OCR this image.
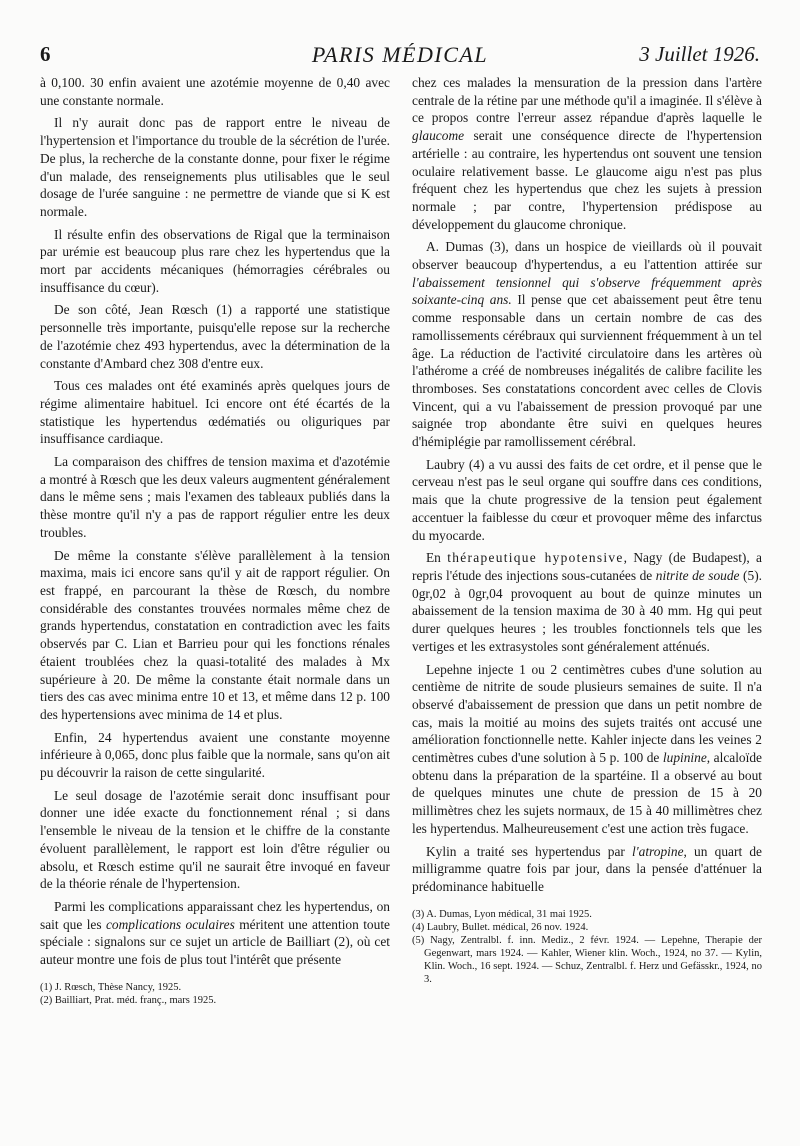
6	PARIS MÉDICAL	3 Juillet 1926.

à 0,100. 30 enfin avaient une azotémie moyenne de 0,40 avec une constante normale.

Il n'y aurait donc pas de rapport entre le niveau de l'hypertension et l'importance du trouble de la sécrétion de l'urée. De plus, la recherche de la constante donne, pour fixer le régime d'un malade, des renseignements plus utilisables que le seul dosage de l'urée sanguine : ne permettre de viande que si K est normale.

Il résulte enfin des observations de Rigal que la terminaison par urémie est beaucoup plus rare chez les hypertendus que la mort par accidents mécaniques (hémorragies cérébrales ou insuffisance du cœur).

De son côté, Jean Rœsch (1) a rapporté une statistique personnelle très importante, puisqu'elle repose sur la recherche de l'azotémie chez 493 hypertendus, avec la détermination de la constante d'Ambard chez 308 d'entre eux.

Tous ces malades ont été examinés après quelques jours de régime alimentaire habituel. Ici encore ont été écartés de la statistique les hypertendus œdématiés ou oliguriques par insuffisance cardiaque.

La comparaison des chiffres de tension maxima et d'azotémie a montré à Rœsch que les deux valeurs augmentent généralement dans le même sens ; mais l'examen des tableaux publiés dans la thèse montre qu'il n'y a pas de rapport régulier entre les deux troubles.

De même la constante s'élève parallèlement à la tension maxima, mais ici encore sans qu'il y ait de rapport régulier. On est frappé, en parcourant la thèse de Rœsch, du nombre considérable des constantes trouvées normales même chez de grands hypertendus, constatation en contradiction avec les faits observés par C. Lian et Barrieu pour qui les fonctions rénales étaient troublées chez la quasi-totalité des malades à Mx supérieure à 20. De même la constante était normale dans un tiers des cas avec minima entre 10 et 13, et même dans 12 p. 100 des hypertensions avec minima de 14 et plus.

Enfin, 24 hypertendus avaient une constante moyenne inférieure à 0,065, donc plus faible que la normale, sans qu'on ait pu découvrir la raison de cette singularité.

Le seul dosage de l'azotémie serait donc insuffisant pour donner une idée exacte du fonctionnement rénal ; si dans l'ensemble le niveau de la tension et le chiffre de la constante évoluent parallèlement, le rapport est loin d'être régulier ou absolu, et Rœsch estime qu'il ne saurait être invoqué en faveur de la théorie rénale de l'hypertension.

Parmi les complications apparaissant chez les hypertendus, on sait que les complications oculaires méritent une attention toute spéciale : signalons sur ce sujet un article de Bailliart (2), où cet auteur montre une fois de plus tout l'intérêt que présente

(1) J. Rœsch, Thèse Nancy, 1925.

(2) Bailliart, Prat. méd. franç., mars 1925.

chez ces malades la mensuration de la pression dans l'artère centrale de la rétine par une méthode qu'il a imaginée. Il s'élève à ce propos contre l'erreur assez répandue d'après laquelle le glaucome serait une conséquence directe de l'hypertension artérielle : au contraire, les hypertendus ont souvent une tension oculaire relativement basse. Le glaucome aigu n'est pas plus fréquent chez les hypertendus que chez les sujets à pression normale ; par contre, l'hypertension prédispose au développement du glaucome chronique.

A. Dumas (3), dans un hospice de vieillards où il pouvait observer beaucoup d'hypertendus, a eu l'attention attirée sur l'abaissement tensionnel qui s'observe fréquemment après soixante-cinq ans. Il pense que cet abaissement peut être tenu comme responsable dans un certain nombre de cas des ramollissements cérébraux qui surviennent fréquemment à un tel âge. La réduction de l'activité circulatoire dans les artères où l'athérome a créé de nombreuses inégalités de calibre facilite les thromboses. Ses constatations concordent avec celles de Clovis Vincent, qui a vu l'abaissement de pression provoqué par une saignée trop abondante être suivi en quelques heures d'hémiplégie par ramollissement cérébral.

Laubry (4) a vu aussi des faits de cet ordre, et il pense que le cerveau n'est pas le seul organe qui souffre dans ces conditions, mais que la chute progressive de la tension peut également accentuer la faiblesse du cœur et provoquer même des infarctus du myocarde.

En thérapeutique hypotensive, Nagy (de Budapest), a repris l'étude des injections sous-cutanées de nitrite de soude (5). 0gr,02 à 0gr,04 provoquent au bout de quinze minutes un abaissement de la tension maxima de 30 à 40 mm. Hg qui peut durer quelques heures ; les troubles fonctionnels tels que les vertiges et les extrasystoles sont généralement atténués.

Lepehne injecte 1 ou 2 centimètres cubes d'une solution au centième de nitrite de soude plusieurs semaines de suite. Il n'a observé d'abaissement de pression que dans un petit nombre de cas, mais la moitié au moins des sujets traités ont accusé une amélioration fonctionnelle nette. Kahler injecte dans les veines 2 centimètres cubes d'une solution à 5 p. 100 de lupinine, alcaloïde obtenu dans la préparation de la spartéine. Il a observé au bout de quelques minutes une chute de pression de 15 à 20 millimètres chez les sujets normaux, de 15 à 40 millimètres chez les hypertendus. Malheureusement c'est une action très fugace.

Kylin a traité ses hypertendus par l'atropine, un quart de milligramme quatre fois par jour, dans la pensée d'atténuer la prédominance habituelle

(3) A. Dumas, Lyon médical, 31 mai 1925.

(4) Laubry, Bullet. médical, 26 nov. 1924.

(5) Nagy, Zentralbl. f. inn. Mediz., 2 févr. 1924. — Lepehne, Therapie der Gegenwart, mars 1924. — Kahler, Wiener klin. Woch., 1924, no 37. — Kylin, Klin. Woch., 16 sept. 1924. — Schuz, Zentralbl. f. Herz und Gefässkr., 1924, no 3.
